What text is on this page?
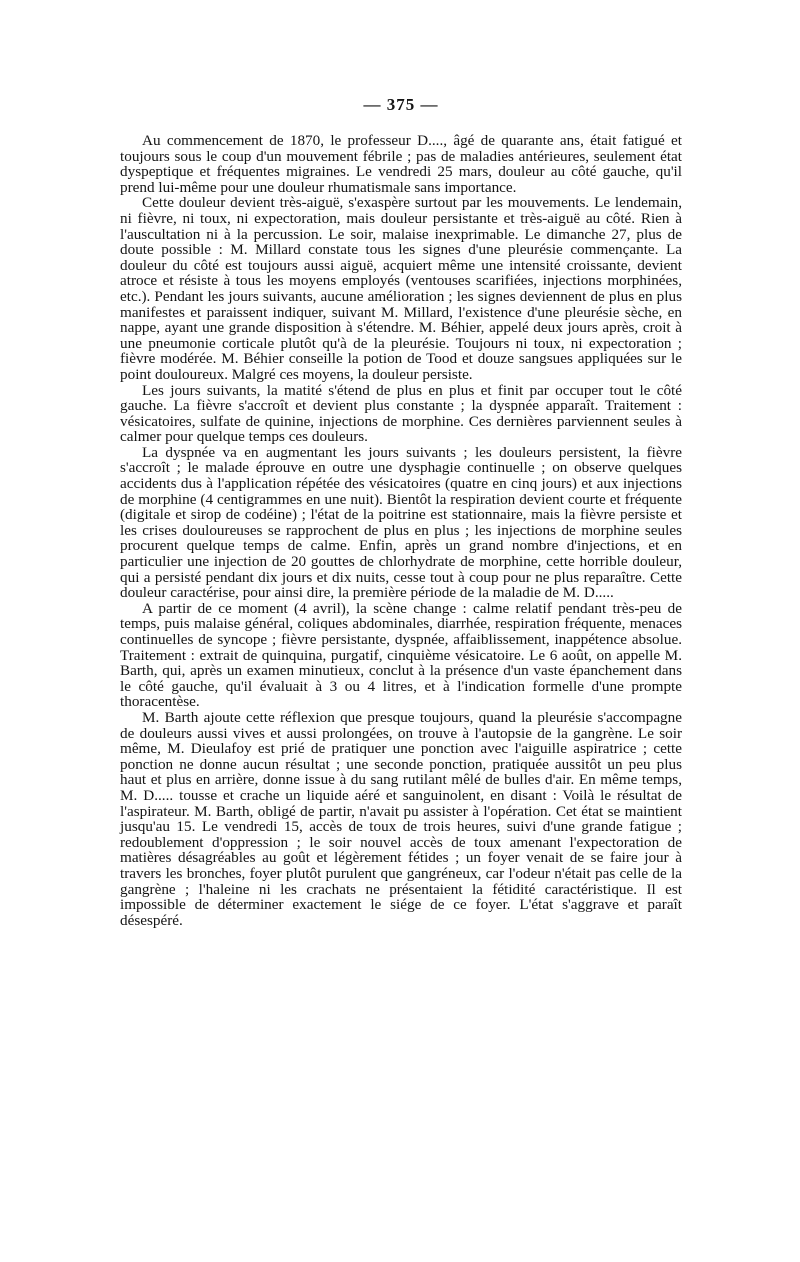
— 375 —

Au commencement de 1870, le professeur D...., âgé de quarante ans, était fatigué et toujours sous le coup d'un mouvement fébrile ; pas de maladies antérieures, seulement état dyspeptique et fréquentes migraines. Le vendredi 25 mars, douleur au côté gauche, qu'il prend lui-même pour une douleur rhumatismale sans importance.

Cette douleur devient très-aiguë, s'exaspère surtout par les mouvements. Le lendemain, ni fièvre, ni toux, ni expectoration, mais douleur persistante et très-aiguë au côté. Rien à l'auscultation ni à la percussion. Le soir, malaise inexprimable. Le dimanche 27, plus de doute possible : M. Millard constate tous les signes d'une pleurésie commençante. La douleur du côté est toujours aussi aiguë, acquiert même une intensité croissante, devient atroce et résiste à tous les moyens employés (ventouses scarifiées, injections morphinées, etc.). Pendant les jours suivants, aucune amélioration ; les signes deviennent de plus en plus manifestes et paraissent indiquer, suivant M. Millard, l'existence d'une pleurésie sèche, en nappe, ayant une grande disposition à s'étendre. M. Béhier, appelé deux jours après, croit à une pneumonie corticale plutôt qu'à de la pleurésie. Toujours ni toux, ni expectoration ; fièvre modérée. M. Béhier conseille la potion de Tood et douze sangsues appliquées sur le point douloureux. Malgré ces moyens, la douleur persiste.

Les jours suivants, la matité s'étend de plus en plus et finit par occuper tout le côté gauche. La fièvre s'accroît et devient plus constante ; la dyspnée apparaît. Traitement : vésicatoires, sulfate de quinine, injections de morphine. Ces dernières parviennent seules à calmer pour quelque temps ces douleurs.

La dyspnée va en augmentant les jours suivants ; les douleurs persistent, la fièvre s'accroît ; le malade éprouve en outre une dysphagie continuelle ; on observe quelques accidents dus à l'application répétée des vésicatoires (quatre en cinq jours) et aux injections de morphine (4 centigrammes en une nuit). Bientôt la respiration devient courte et fréquente (digitale et sirop de codéine) ; l'état de la poitrine est stationnaire, mais la fièvre persiste et les crises douloureuses se rapprochent de plus en plus ; les injections de morphine seules procurent quelque temps de calme. Enfin, après un grand nombre d'injections, et en particulier une injection de 20 gouttes de chlorhydrate de morphine, cette horrible douleur, qui a persisté pendant dix jours et dix nuits, cesse tout à coup pour ne plus reparaître. Cette douleur caractérise, pour ainsi dire, la première période de la maladie de M. D.....

A partir de ce moment (4 avril), la scène change : calme relatif pendant très-peu de temps, puis malaise général, coliques abdominales, diarrhée, respiration fréquente, menaces continuelles de syncope ; fièvre persistante, dyspnée, affaiblissement, inappétence absolue. Traitement : extrait de quinquina, purgatif, cinquième vésicatoire. Le 6 août, on appelle M. Barth, qui, après un examen minutieux, conclut à la présence d'un vaste épanchement dans le côté gauche, qu'il évaluait à 3 ou 4 litres, et à l'indication formelle d'une prompte thoracentèse.

M. Barth ajoute cette réflexion que presque toujours, quand la pleurésie s'accompagne de douleurs aussi vives et aussi prolongées, on trouve à l'autopsie de la gangrène. Le soir même, M. Dieulafoy est prié de pratiquer une ponction avec l'aiguille aspiratrice ; cette ponction ne donne aucun résultat ; une seconde ponction, pratiquée aussitôt un peu plus haut et plus en arrière, donne issue à du sang rutilant mêlé de bulles d'air. En même temps, M. D..... tousse et crache un liquide aéré et sanguinolent, en disant : Voilà le résultat de l'aspirateur. M. Barth, obligé de partir, n'avait pu assister à l'opération. Cet état se maintient jusqu'au 15. Le vendredi 15, accès de toux de trois heures, suivi d'une grande fatigue ; redoublement d'oppression ; le soir nouvel accès de toux amenant l'expectoration de matières désagréables au goût et légèrement fétides ; un foyer venait de se faire jour à travers les bronches, foyer plutôt purulent que gangréneux, car l'odeur n'était pas celle de la gangrène ; l'haleine ni les crachats ne présentaient la fétidité caractéristique. Il est impossible de déterminer exactement le siége de ce foyer. L'état s'aggrave et paraît désespéré.
